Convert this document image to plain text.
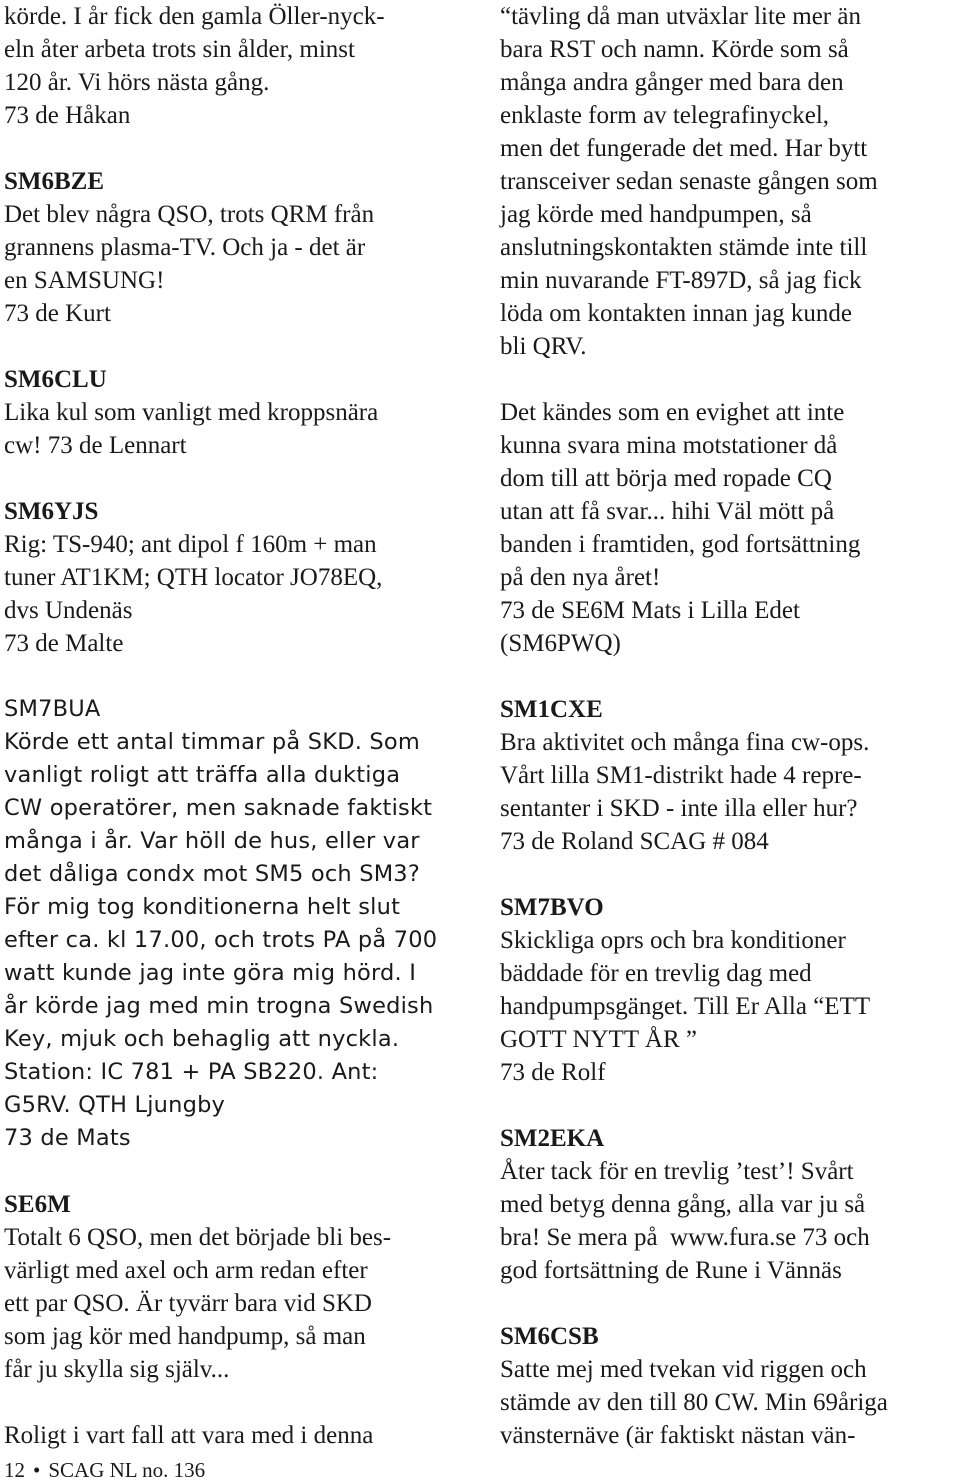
körde. I år fick den gamla Öller-nyck-
eln åter arbeta trots sin ålder, minst
120 år. Vi hörs nästa gång.
73 de Håkan
SM6BZE
Det blev några QSO, trots QRM från
grannens plasma-TV. Och ja - det är
en SAMSUNG!
73 de Kurt
SM6CLU
Lika kul som vanligt med kroppsnära
cw! 73 de Lennart
SM6YJS
Rig: TS-940; ant dipol f 160m + man
tuner AT1KM; QTH locator JO78EQ,
dvs Undenäs
73 de Malte
SM7BUA
Körde ett antal timmar på SKD. Som
vanligt roligt att träffa alla duktiga
CW operatörer, men saknade faktiskt
många i år. Var höll de hus, eller var
det dåliga condx mot SM5 och SM3?
För mig tog konditionerna helt slut
efter ca. kl 17.00, och trots PA på 700
watt kunde jag inte göra mig hörd. I
år körde jag med min trogna Swedish
Key, mjuk och behaglig att nyckla.
Station: IC 781 + PA SB220. Ant:
G5RV. QTH Ljungby
73 de Mats
SE6M
Totalt 6 QSO, men det började bli bes-
värligt med axel och arm redan efter
ett par QSO. Är tyvärr bara vid SKD
som jag kör med handpump, så man
får ju skylla sig själv...
Roligt i vart fall att vara med i denna
“tävling då man utväxlar lite mer än
bara RST och namn. Körde som så
många andra gånger med bara den
enklaste form av telegrafinyckel,
men det fungerade det med. Har bytt
transceiver sedan senaste gången som
jag körde med handpumpen, så
anslutningskontakten stämde inte till
min nuvarande FT-897D, så jag fick
löda om kontakten innan jag kunde
bli QRV.
Det kändes som en evighet att inte
kunna svara mina motstationer då
dom till att börja med ropade CQ
utan att få svar... hihi Väl mött på
banden i framtiden, god fortsättning
på den nya året!
73 de SE6M Mats i Lilla Edet
(SM6PWQ)
SM1CXE
Bra aktivitet och många fina cw-ops.
Vårt lilla SM1-distrikt hade 4 repre-
sentanter i SKD - inte illa eller hur?
73 de Roland SCAG # 084
SM7BVO
Skickliga oprs och bra konditioner
bäddade för en trevlig dag med
handpumpsgänget. Till Er Alla “ETT
GOTT NYTT ÅR ”
73 de Rolf
SM2EKA
Åter tack för en trevlig ’test’! Svårt
med betyg denna gång, alla var ju så
bra! Se mera på  www.fura.se 73 och
god fortsättning de Rune i Vännäs
SM6CSB
Satte mej med tvekan vid riggen och
stämde av den till 80 CW. Min 69åriga
vänsternäve (är faktiskt nästan vän-
12 • SCAG NL no. 136
